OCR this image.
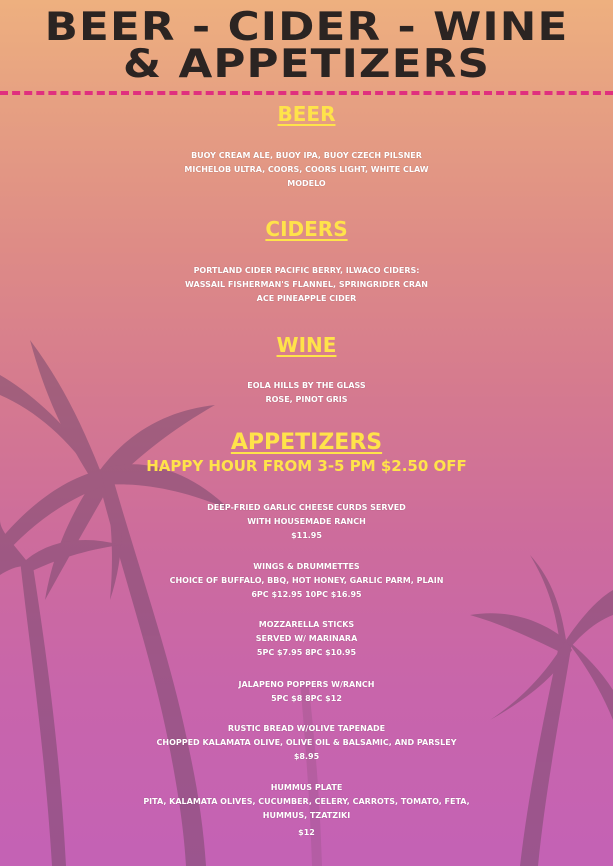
BEER - CIDER - WINE
& APPETIZERS
BEER
BUOY CREAM ALE, BUOY IPA, BUOY CZECH PILSNER
MICHELOB ULTRA, COORS, COORS LIGHT, WHITE CLAW
MODELO
CIDERS
PORTLAND CIDER PACIFIC BERRY, ILWACO CIDERS:
WASSAIL FISHERMAN'S FLANNEL, SPRINGRIDER CRAN
ACE PINEAPPLE CIDER
WINE
EOLA HILLS BY THE GLASS
ROSE, PINOT GRIS
APPETIZERS
HAPPY HOUR FROM 3-5 PM $2.50 OFF
DEEP-FRIED GARLIC CHEESE CURDS SERVED
WITH HOUSEMADE RANCH
$11.95
WINGS & DRUMMETTES
CHOICE OF BUFFALO, BBQ, HOT HONEY, GARLIC PARM, PLAIN
6PC $12.95 10PC $16.95
MOZZARELLA STICKS
SERVED W/ MARINARA
5PC $7.95 8PC $10.95
JALAPENO POPPERS W/RANCH
5PC $8 8PC $12
RUSTIC BREAD W/OLIVE TAPENADE
CHOPPED KALAMATA OLIVE, OLIVE OIL & BALSAMIC, AND PARSLEY
$8.95
HUMMUS PLATE
PITA, KALAMATA OLIVES, CUCUMBER, CELERY, CARROTS, TOMATO, FETA,
HUMMUS, TZATZIKI
$12
